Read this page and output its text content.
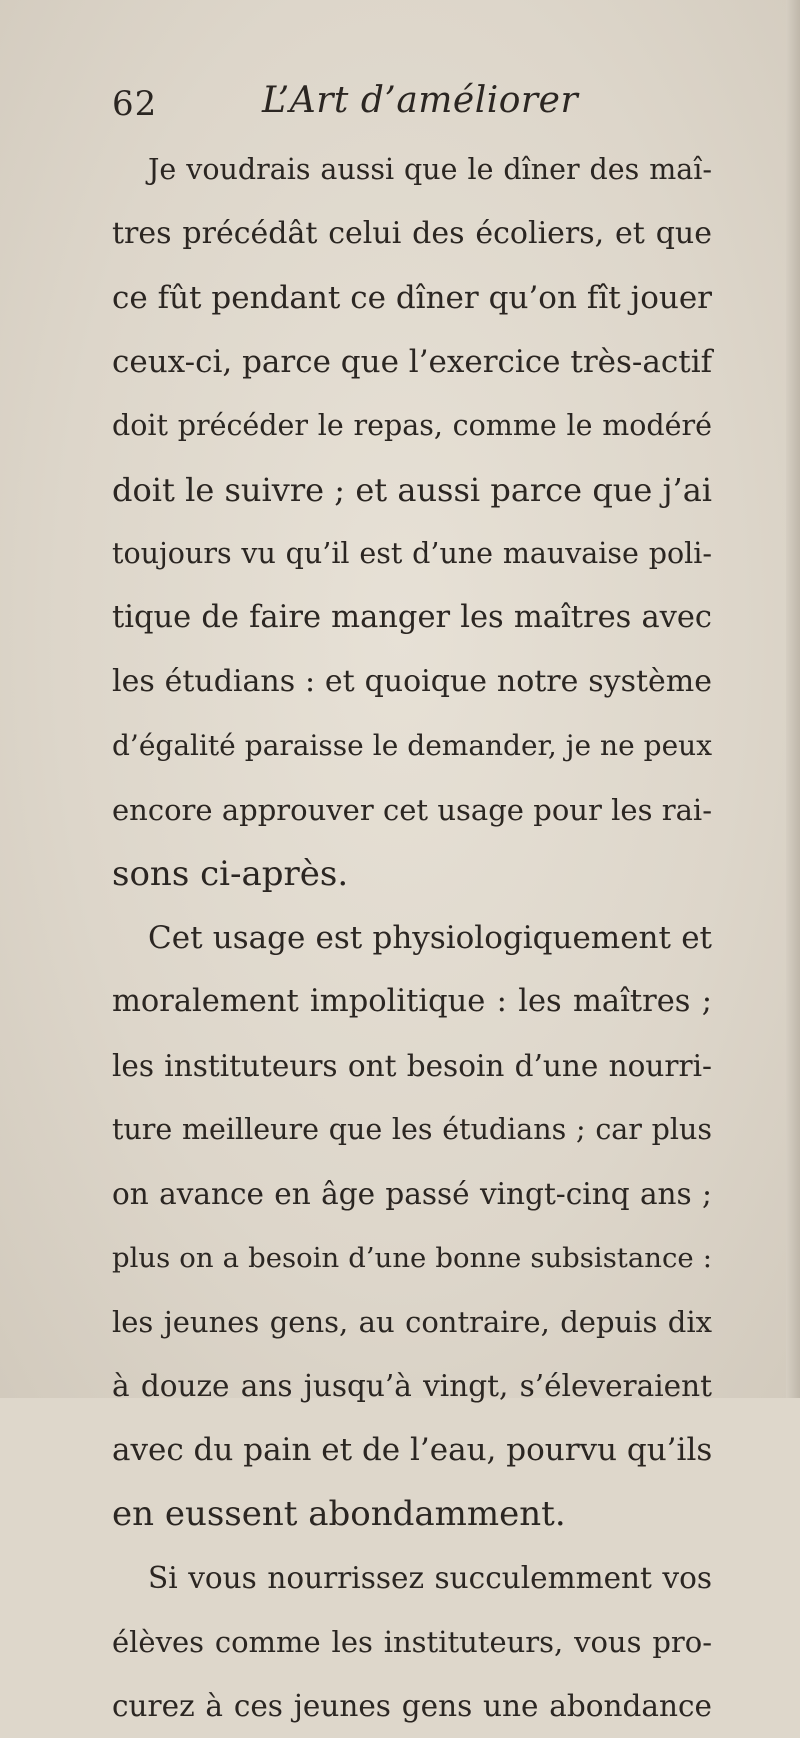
62	L’Art d’améliorer
Je voudrais aussi que le dîner des maî-
tres précédât celui des écoliers, et que
ce fût pendant ce dîner qu’on fît jouer
ceux-ci, parce que l’exercice très-actif
doit précéder le repas, comme le modéré
doit le suivre ; et aussi parce que j’ai
toujours vu qu’il est d’une mauvaise poli-
tique de faire manger les maîtres avec
les étudians : et quoique notre système
d’égalité paraisse le demander, je ne peux
encore approuver cet usage pour les rai-
sons ci-après.
Cet usage est physiologiquement et
moralement impolitique : les maîtres ;
les instituteurs ont besoin d’une nourri-
ture meilleure que les étudians ; car plus
on avance en âge passé vingt-cinq ans ;
plus on a besoin d’une bonne subsistance :
les jeunes gens, au contraire, depuis dix
à douze ans jusqu’à vingt, s’éleveraient
avec du pain et de l’eau, pourvu qu’ils
en eussent abondamment.
Si vous nourrissez succulemment vos
élèves comme les instituteurs, vous pro-
curez à ces jeunes gens une abondance
